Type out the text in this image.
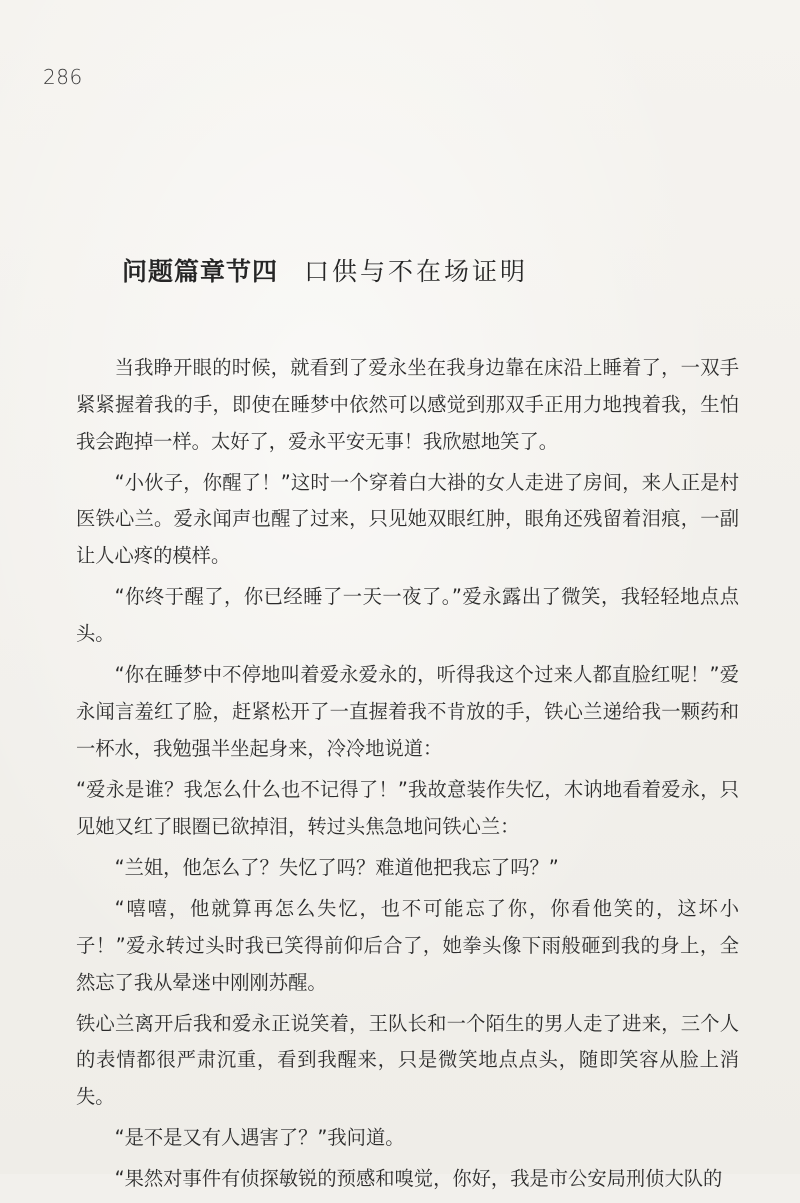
286
问题篇章节四 口供与不在场证明

当我睁开眼的时候，就看到了爱永坐在我身边靠在床沿上睡着了，一双手紧紧握着我的手，即使在睡梦中依然可以感觉到那双手正用力地拽着我，生怕我会跑掉一样。太好了，爱永平安无事！我欣慰地笑了。

“小伙子，你醒了！”这时一个穿着白大褂的女人走进了房间，来人正是村医铁心兰。爱永闻声也醒了过来，只见她双眼红肿，眼角还残留着泪痕，一副让人心疼的模样。

“你终于醒了，你已经睡了一天一夜了。”爱永露出了微笑，我轻轻地点点头。

“你在睡梦中不停地叫着爱永爱永的，听得我这个过来人都直脸红呢！”爱永闻言羞红了脸，赶紧松开了一直握着我不肯放的手，铁心兰递给我一颗药和一杯水，我勉强半坐起身来，冷冷地说道：

“爱永是谁？我怎么什么也不记得了！”我故意装作失忆，木讷地看着爱永，只见她又红了眼圈已欲掉泪，转过头焦急地问铁心兰：

“兰姐，他怎么了？失忆了吗？难道他把我忘了吗？”

“嘻嘻，他就算再怎么失忆，也不可能忘了你，你看他笑的，这坏小子！”爱永转过头时我已笑得前仰后合了，她拳头像下雨般砸到我的身上，全然忘了我从晕迷中刚刚苏醒。

铁心兰离开后我和爱永正说笑着，王队长和一个陌生的男人走了进来，三个人的表情都很严肃沉重，看到我醒来，只是微笑地点点头，随即笑容从脸上消失。

“是不是又有人遇害了？”我问道。

“果然对事件有侦探敏锐的预感和嗅觉，你好，我是市公安局刑侦大队的
